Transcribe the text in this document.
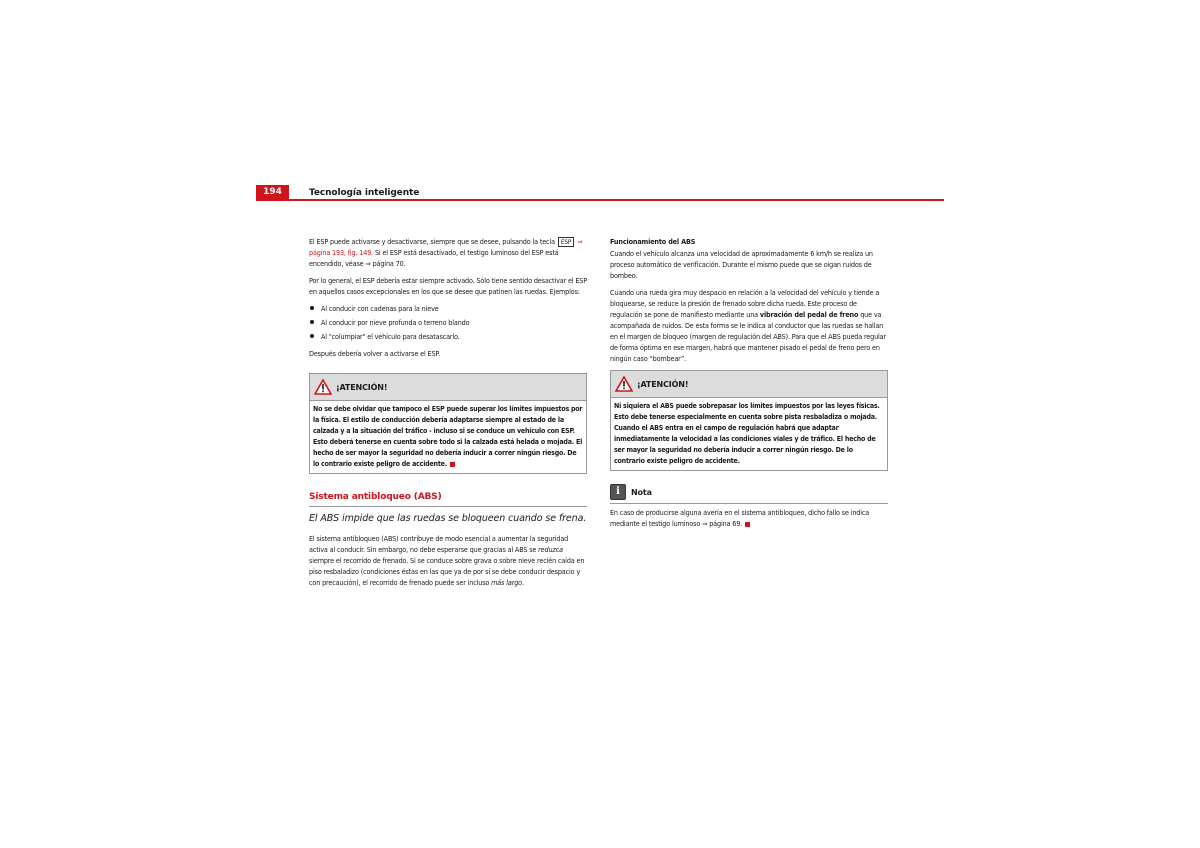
194	Tecnología inteligente

El ESP puede activarse y desactivarse, siempre que se desee, pulsando la tecla ESP ⇒ página 193, fig. 149. Si el ESP está desactivado, el testigo luminoso del ESP está encendido, véase ⇒ página 70.

Por lo general, el ESP debería estar siempre activado. Sólo tiene sentido desactivar el ESP en aquellos casos excepcionales en los que se desee que patinen las ruedas. Ejemplos:

Al conducir con cadenas para la nieve
Al conducir por nieve profunda o terreno blando
Al "columpiar" el vehículo para desatascarlo.

Después debería volver a activarse el ESP.

¡ATENCIÓN!
No se debe olvidar que tampoco el ESP puede superar los límites impuestos por la física. El estilo de conducción debería adaptarse siempre al estado de la calzada y a la situación del tráfico - incluso si se conduce un vehículo con ESP. Esto deberá tenerse en cuenta sobre todo si la calzada está helada o mojada. El hecho de ser mayor la seguridad no debería inducir a correr ningún riesgo. De lo contrario existe peligro de accidente.
Sistema antibloqueo (ABS)
El ABS impide que las ruedas se bloqueen cuando se frena.

El sistema antibloqueo (ABS) contribuye de modo esencial a aumentar la seguridad activa al conducir. Sin embargo, no debe esperarse que gracias al ABS se reduzca siempre el recorrido de frenado. Si se conduce sobre grava o sobre nieve recién caída en piso resbaladizo (condiciones éstas en las que ya de por sí se debe conducir despacio y con precaución), el recorrido de frenado puede ser incluso más largo.

Funcionamiento del ABS

Cuando el vehículo alcanza una velocidad de aproximadamente 6 km/h se realiza un proceso automático de verificación. Durante el mismo puede que se oigan ruidos de bombeo.

Cuando una rueda gira muy despacio en relación a la velocidad del vehículo y tiende a bloquearse, se reduce la presión de frenado sobre dicha rueda. Este proceso de regulación se pone de manifiesto mediante una vibración del pedal de freno que va acompañada de ruidos. De esta forma se le indica al conductor que las ruedas se hallan en el margen de bloqueo (margen de regulación del ABS). Para que el ABS pueda regular de forma óptima en ese margen, habrá que mantener pisado el pedal de freno pero en ningún caso “bombear”.

¡ATENCIÓN!
Ni siquiera el ABS puede sobrepasar los límites impuestos por las leyes físicas. Esto debe tenerse especialmente en cuenta sobre pista resbaladiza o mojada. Cuando el ABS entra en el campo de regulación habrá que adaptar inmediatamente la velocidad a las condiciones viales y de tráfico. El hecho de ser mayor la seguridad no debería inducir a correr ningún riesgo. De lo contrario existe peligro de accidente.
i	Nota

En caso de producirse alguna avería en el sistema antibloqueo, dicho fallo se indica mediante el testigo luminoso ⇒ página 69.
